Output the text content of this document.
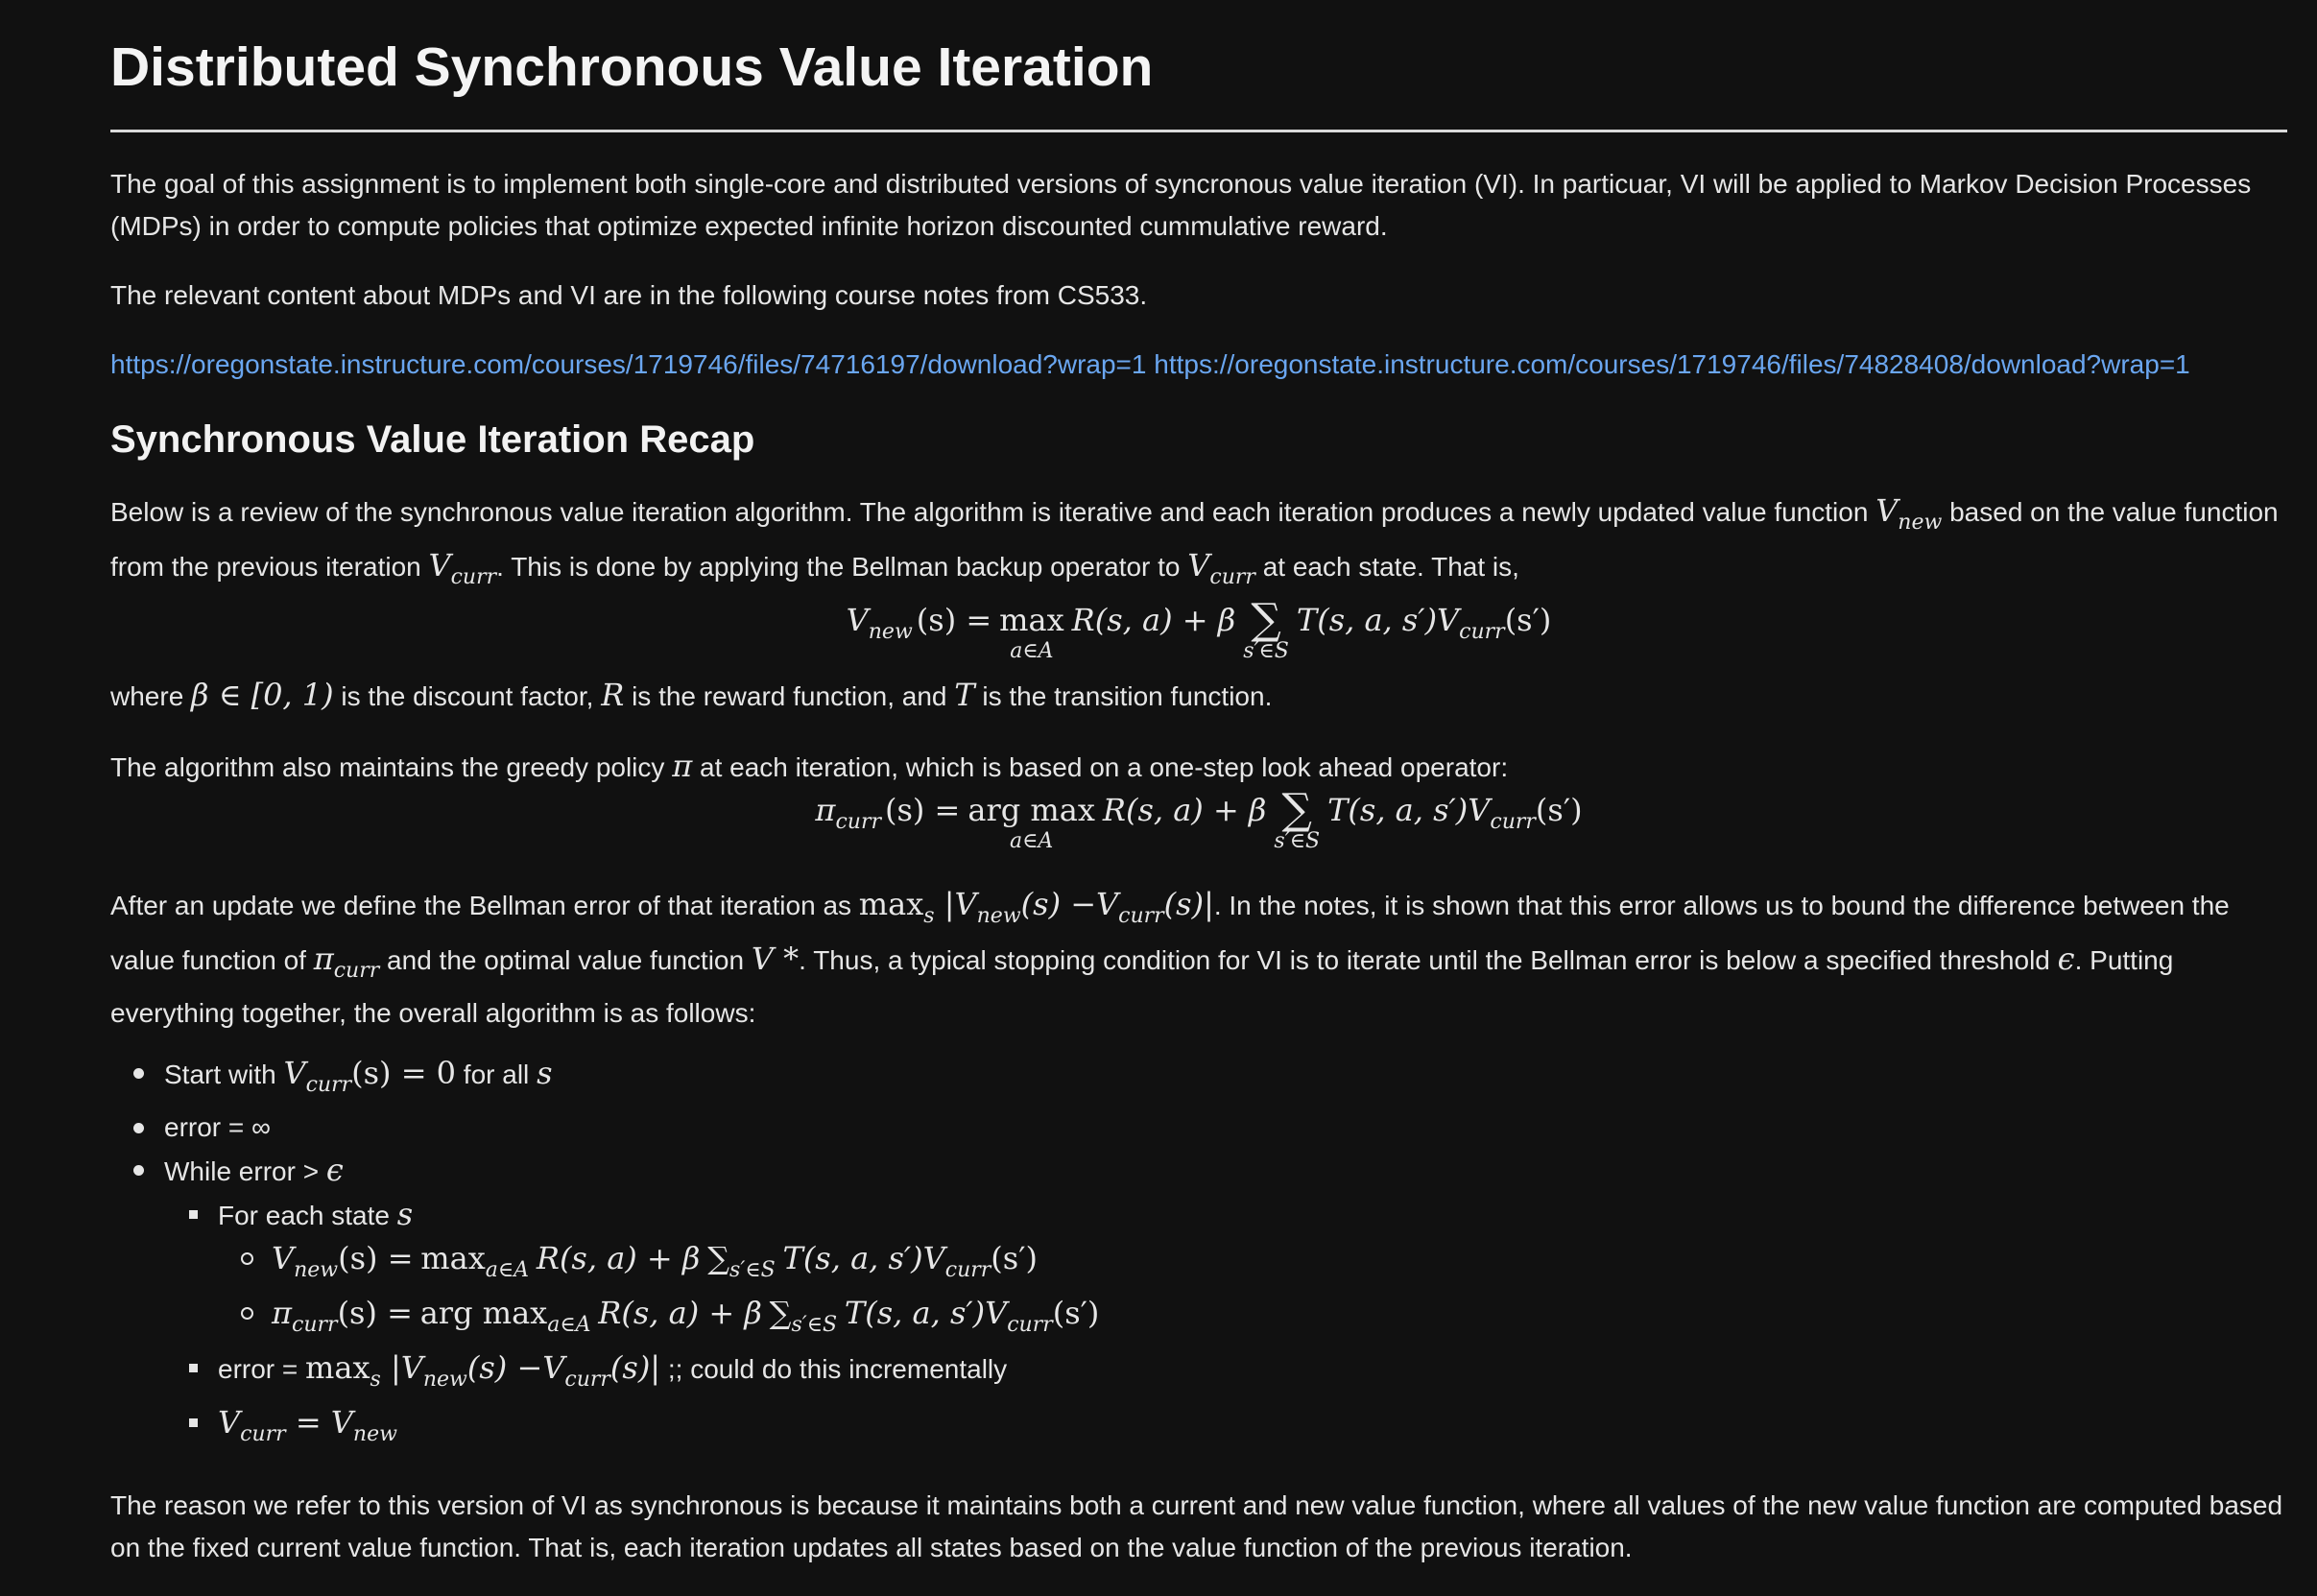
Distributed Synchronous Value Iteration

The goal of this assignment is to implement both single-core and distributed versions of syncronous value iteration (VI). In particuar, VI will be applied to Markov Decision Processes (MDPs) in order to compute policies that optimize expected infinite horizon discounted cummulative reward.

The relevant content about MDPs and VI are in the following course notes from CS533.

https://oregonstate.instructure.com/courses/1719746/files/74716197/download?wrap=1 https://oregonstate.instructure.com/courses/1719746/files/74828408/download?wrap=1

Synchronous Value Iteration Recap

Below is a review of the synchronous value iteration algorithm. The algorithm is iterative and each iteration produces a newly updated value function $V_{new}$ based on the value function from the previous iteration $V_{curr}$. This is done by applying the Bellman backup operator to $V_{curr}$ at each state. That is,

$V_{new}$ (s) = max
a∈A
R(s, a) + β ∑
s′∈S
T(s, a, s′) $V_{curr}$ (s′)

where β ∈ [0, 1) is the discount factor, R is the reward function, and T is the transition function.

The algorithm also maintains the greedy policy π at each iteration, which is based on a one-step look ahead operator:

$\pi_{curr}$ (s) = arg max
a∈A
R(s, a) + β ∑
s′∈S
T(s, a, s′) $V_{curr}$ (s′)

After an update we define the Bellman error of that iteration as $\max_s |V_{new}(s) -V_{curr}(s)|$. In the notes, it is shown that this error allows us to bound the difference between the value function of $\pi_{curr}$ and the optimal value function V *. Thus, a typical stopping condition for VI is to iterate until the Bellman error is below a specified threshold ϵ. Putting everything together, the overall algorithm is as follows:

Start with $V_{curr}(s) = 0$ for all s
error = ∞
While error > ϵ
For each state s
$V_{new}(s) = \max_{a\in A} R(s$, a) + β $\sum_{s'\in S}$ T(s, a, $s')V_{curr}(s')$
$\pi_{curr}(s)$ = arg $\max_{a\in A} R(s$, a) + β $\sum_{s'\in S}$ T(s, a, $s')V_{curr}(s')$
error = $\max_s |V_{new}(s) -V_{curr}(s)|$ ;; could do this incrementally
$V_{curr} = V_{new}$

The reason we refer to this version of VI as synchronous is because it maintains both a current and new value function, where all values of the new value function are computed based on the fixed current value function. That is, each iteration updates all states based on the value function of the previous iteration.
